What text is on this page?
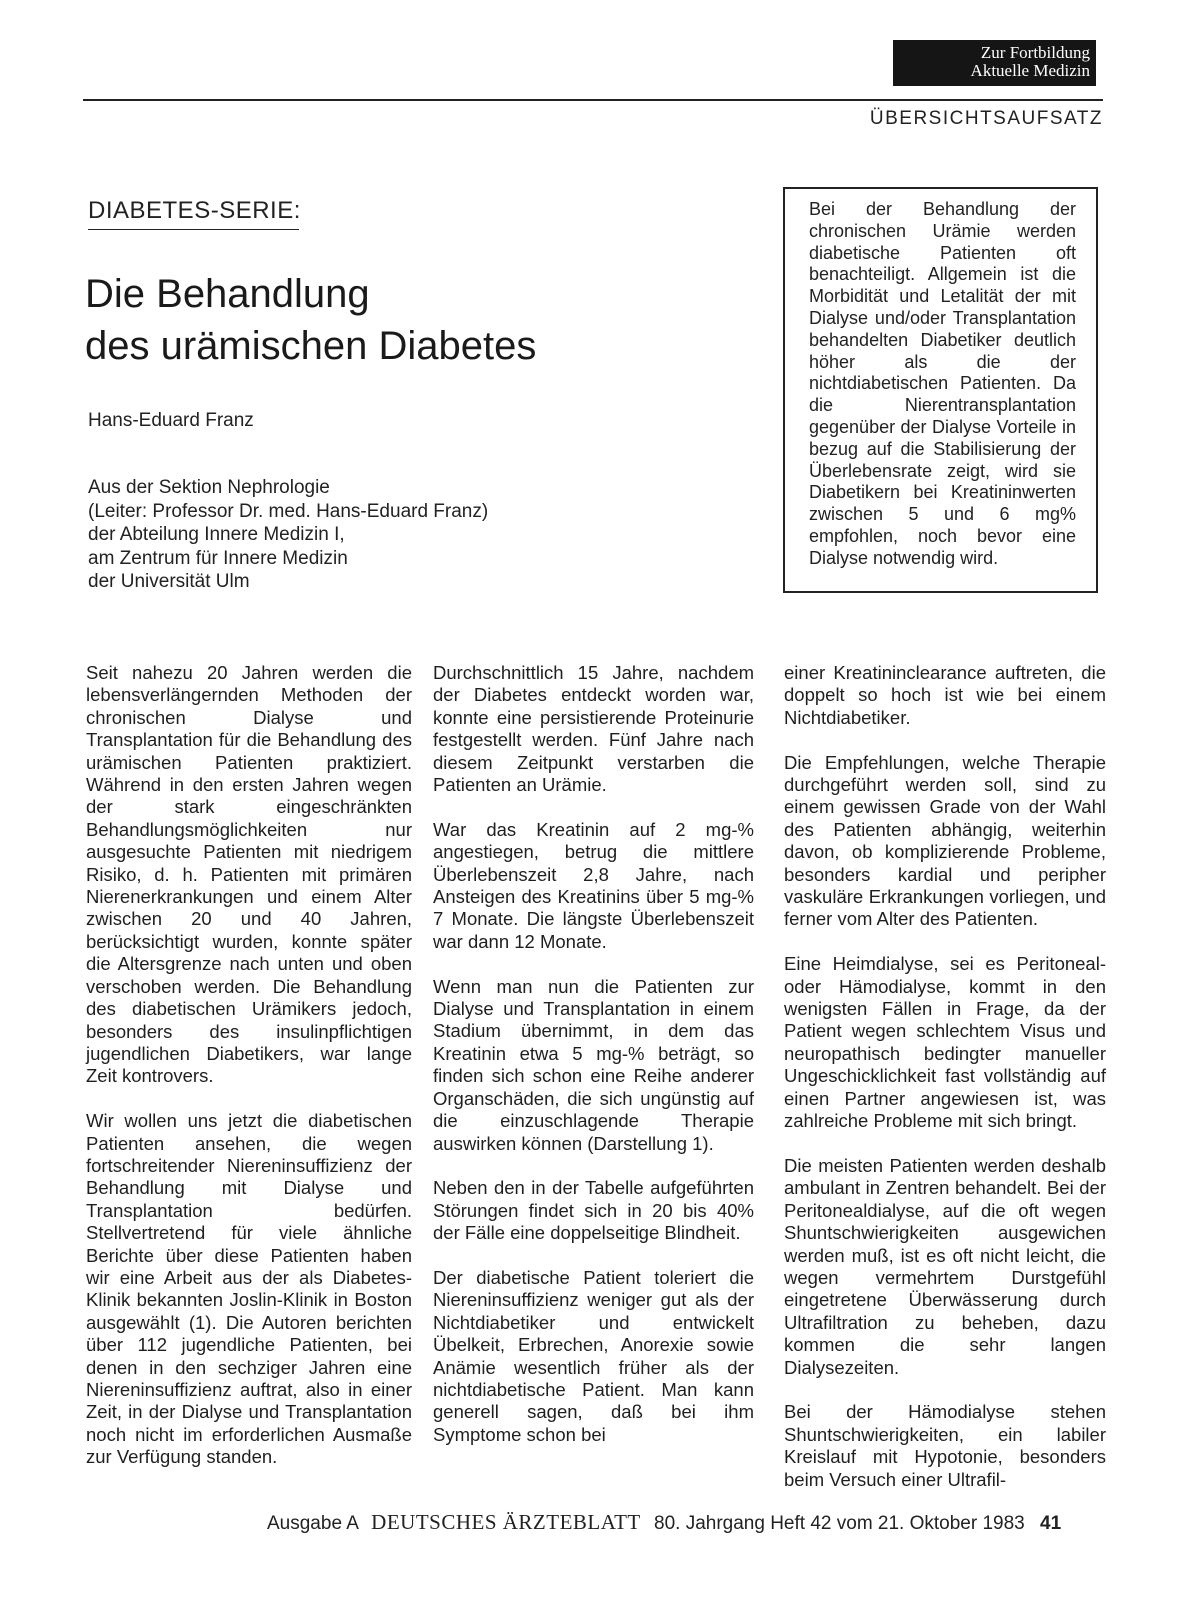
Zur Fortbildung
Aktuelle Medizin
ÜBERSICHTSAUFSATZ
DIABETES-SERIE:
Die Behandlung
des urämischen Diabetes
Hans-Eduard Franz
Aus der Sektion Nephrologie
(Leiter: Professor Dr. med. Hans-Eduard Franz)
der Abteilung Innere Medizin I,
am Zentrum für Innere Medizin
der Universität Ulm
Bei der Behandlung der chronischen Urämie werden diabetische Patienten oft benachteiligt. Allgemein ist die Morbidität und Letalität der mit Dialyse und/oder Transplantation behandelten Diabetiker deutlich höher als die der nichtdiabetischen Patienten. Da die Nierentransplantation gegenüber der Dialyse Vorteile in bezug auf die Stabilisierung der Überlebensrate zeigt, wird sie Diabetikern bei Kreatininwerten zwischen 5 und 6 mg% empfohlen, noch bevor eine Dialyse notwendig wird.

Seit nahezu 20 Jahren werden die lebensverlängernden Methoden der chronischen Dialyse und Transplantation für die Behandlung des urämischen Patienten praktiziert. Während in den ersten Jahren wegen der stark eingeschränkten Behandlungsmöglichkeiten nur ausgesuchte Patienten mit niedrigem Risiko, d. h. Patienten mit primären Nierenerkrankungen und einem Alter zwischen 20 und 40 Jahren, berücksichtigt wurden, konnte später die Altersgrenze nach unten und oben verschoben werden. Die Behandlung des diabetischen Urämikers jedoch, besonders des insulinpflichtigen jugendlichen Diabetikers, war lange Zeit kontrovers.

Wir wollen uns jetzt die diabetischen Patienten ansehen, die wegen fortschreitender Niereninsuffizienz der Behandlung mit Dialyse und Transplantation bedürfen. Stellvertretend für viele ähnliche Berichte über diese Patienten haben wir eine Arbeit aus der als Diabetes-Klinik bekannten Joslin-Klinik in Boston ausgewählt (1). Die Autoren berichten über 112 jugendliche Patienten, bei denen in den sechziger Jahren eine Niereninsuffizienz auftrat, also in einer Zeit, in der Dialyse und Transplantation noch nicht im erforderlichen Ausmaße zur Verfügung standen.

Durchschnittlich 15 Jahre, nachdem der Diabetes entdeckt worden war, konnte eine persistierende Proteinurie festgestellt werden. Fünf Jahre nach diesem Zeitpunkt verstarben die Patienten an Urämie.

War das Kreatinin auf 2 mg-% angestiegen, betrug die mittlere Überlebenszeit 2,8 Jahre, nach Ansteigen des Kreatinins über 5 mg-% 7 Monate. Die längste Überlebenszeit war dann 12 Monate.

Wenn man nun die Patienten zur Dialyse und Transplantation in einem Stadium übernimmt, in dem das Kreatinin etwa 5 mg-% beträgt, so finden sich schon eine Reihe anderer Organschäden, die sich ungünstig auf die einzuschlagende Therapie auswirken können (Darstellung 1).

Neben den in der Tabelle aufgeführten Störungen findet sich in 20 bis 40% der Fälle eine doppelseitige Blindheit.

Der diabetische Patient toleriert die Niereninsuffizienz weniger gut als der Nichtdiabetiker und entwickelt Übelkeit, Erbrechen, Anorexie sowie Anämie wesentlich früher als der nichtdiabetische Patient. Man kann generell sagen, daß bei ihm Symptome schon bei

einer Kreatininclearance auftreten, die doppelt so hoch ist wie bei einem Nichtdiabetiker.

Die Empfehlungen, welche Therapie durchgeführt werden soll, sind zu einem gewissen Grade von der Wahl des Patienten abhängig, weiterhin davon, ob komplizierende Probleme, besonders kardial und peripher vaskuläre Erkrankungen vorliegen, und ferner vom Alter des Patienten.

Eine Heimdialyse, sei es Peritoneal- oder Hämodialyse, kommt in den wenigsten Fällen in Frage, da der Patient wegen schlechtem Visus und neuropathisch bedingter manueller Ungeschicklichkeit fast vollständig auf einen Partner angewiesen ist, was zahlreiche Probleme mit sich bringt.

Die meisten Patienten werden deshalb ambulant in Zentren behandelt. Bei der Peritonealdialyse, auf die oft wegen Shuntschwierigkeiten ausgewichen werden muß, ist es oft nicht leicht, die wegen vermehrtem Durstgefühl eingetretene Überwässerung durch Ultrafiltration zu beheben, dazu kommen die sehr langen Dialysezeiten.

Bei der Hämodialyse stehen Shuntschwierigkeiten, ein labiler Kreislauf mit Hypotonie, besonders beim Versuch einer Ultrafil-

Ausgabe A DEUTSCHES ÄRZTEBLATT 80. Jahrgang Heft 42 vom 21. Oktober 1983 41
